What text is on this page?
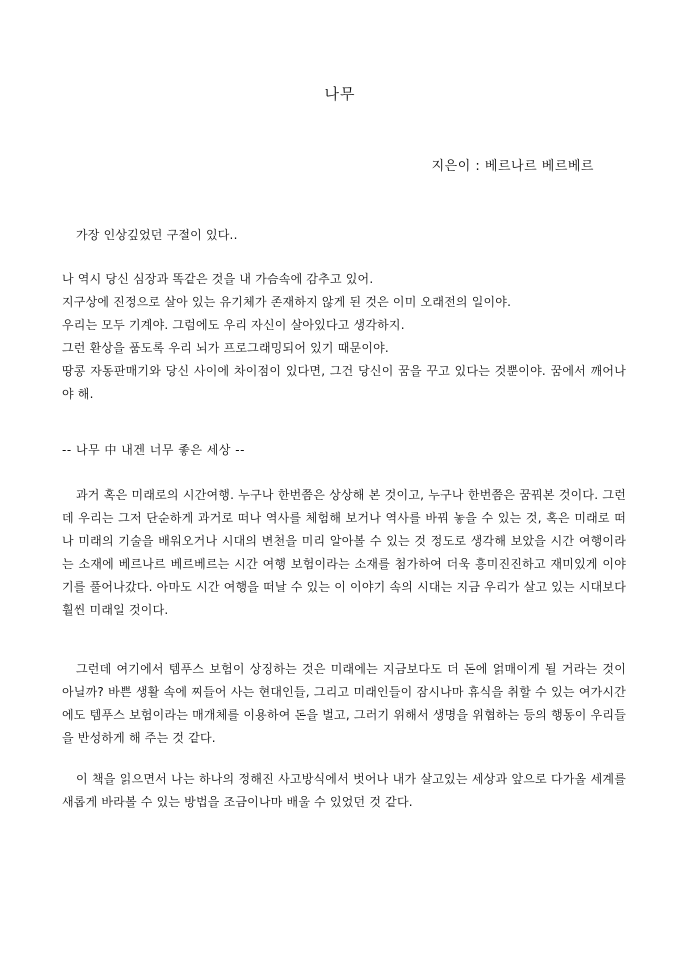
나무
지은이 : 베르나르 베르베르
가장 인상깊었던 구절이 있다..
나 역시 당신 심장과 똑같은 것을 내 가슴속에 감추고 있어.
지구상에 진정으로 살아 있는 유기체가 존재하지 않게 된 것은 이미 오래전의 일이야.
우리는 모두 기계야. 그럼에도 우리 자신이 살아있다고 생각하지.
그런 환상을 품도록 우리 뇌가 프로그래밍되어 있기 때문이야.
땅콩 자동판매기와 당신 사이에 차이점이 있다면, 그건 당신이 꿈을 꾸고 있다는 것뿐이야. 꿈에서 깨어나야 해.
-- 나무 中 내겐 너무 좋은 세상 --
과거 혹은 미래로의 시간여행. 누구나 한번쯤은 상상해 본 것이고, 누구나 한번쯤은 꿈꿔본 것이다. 그런데 우리는 그저 단순하게 과거로 떠나 역사를 체험해 보거나 역사를 바꿔 놓을 수 있는 것, 혹은 미래로 떠나 미래의 기술을 배워오거나 시대의 변천을 미리 알아볼 수 있는 것 정도로 생각해 보았을 시간 여행이라는 소재에 베르나르 베르베르는 시간 여행 보험이라는 소재를 첨가하여 더욱 흥미진진하고 재미있게 이야기를 풀어나갔다. 아마도 시간 여행을 떠날 수 있는 이 이야기 속의 시대는 지금 우리가 살고 있는 시대보다 훨씬 미래일 것이다.
그런데 여기에서 템푸스 보험이 상징하는 것은 미래에는 지금보다도 더 돈에 얽매이게 될 거라는 것이 아닐까? 바쁜 생활 속에 찌들어 사는 현대인들, 그리고 미래인들이 잠시나마 휴식을 취할 수 있는 여가시간에도 템푸스 보험이라는 매개체를 이용하여 돈을 벌고, 그러기 위해서 생명을 위협하는 등의 행동이 우리들을 반성하게 해 주는 것 같다.
이 책을 읽으면서 나는 하나의 정해진 사고방식에서 벗어나 내가 살고있는 세상과 앞으로 다가올 세계를 새롭게 바라볼 수 있는 방법을 조금이나마 배울 수 있었던 것 같다.
